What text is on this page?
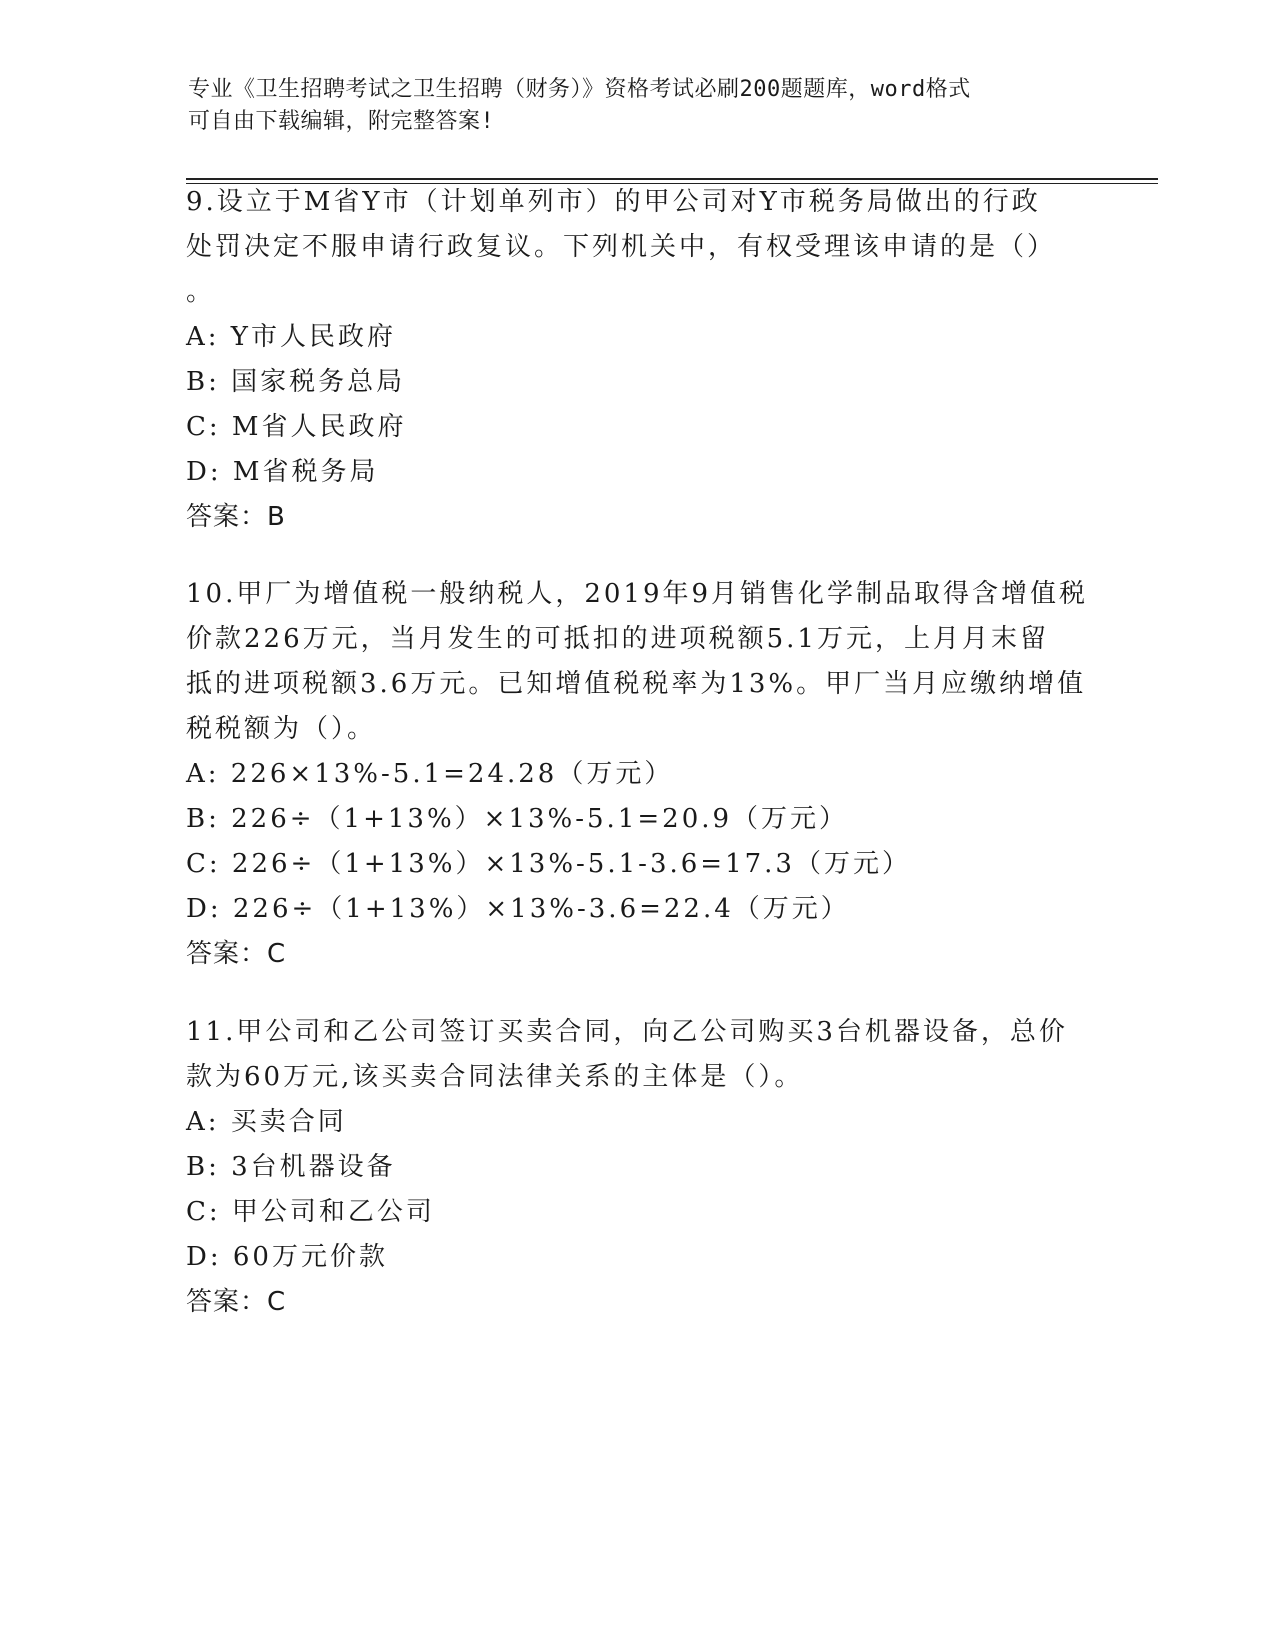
专业《卫生招聘考试之卫生招聘（财务）》资格考试必刷200题题库，word格式
可自由下载编辑，附完整答案!
9.设立于M省Y市（计划单列市）的甲公司对Y市税务局做出的行政
处罚决定不服申请行政复议。下列机关中，有权受理该申请的是（）
。
A: Y市人民政府
B: 国家税务总局
C: M省人民政府
D: M省税务局
答案：B
10.甲厂为增值税一般纳税人，2019年9月销售化学制品取得含增值税
价款226万元，当月发生的可抵扣的进项税额5.1万元，上月月末留
抵的进项税额3.6万元。已知增值税税率为13%。甲厂当月应缴纳增值
税税额为（）。
A: 226×13%-5.1=24.28（万元）
B: 226÷（1+13%）×13%-5.1=20.9（万元）
C: 226÷（1+13%）×13%-5.1-3.6=17.3（万元）
D: 226÷（1+13%）×13%-3.6=22.4（万元）
答案：C
11.甲公司和乙公司签订买卖合同，向乙公司购买3台机器设备，总价
款为60万元,该买卖合同法律关系的主体是（）。
A: 买卖合同
B: 3台机器设备
C: 甲公司和乙公司
D: 60万元价款
答案：C
